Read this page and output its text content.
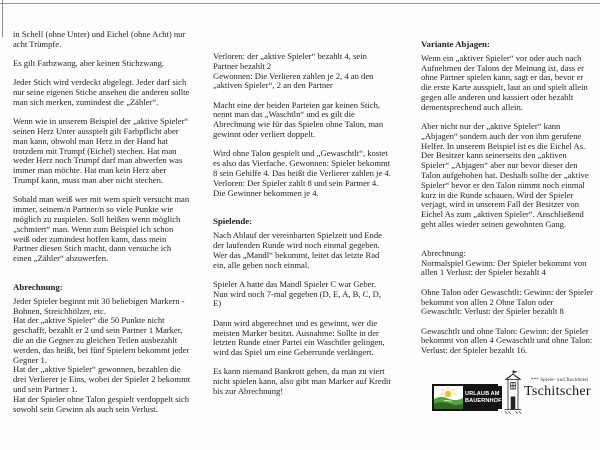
in Schell (ohne Unter) und Eichel (ohne Acht) nur acht Trümpfe.

Es gilt Farbzwang, aber keinen Stichzwang.

Jeder Stich wird verdeckt abgelegt. Jeder darf sich nur seine eigenen Stiche ansehen die anderen sollte man sich merken, zumindest die „Zähler“.

Wenn wie in unserem Beispiel der „aktive Spieler“ seinen Herz Unter ausspielt gilt Farbpflicht aber man kann, obwohl man Herz in der Hand hat trotzdem mit Trumpf (Eichel) stechen. Hat man weder Herz noch Trumpf darf man abwerfen was immer man möchte. Hat man kein Herz aber Trumpf kann, muss man aber nicht stechen.

Sobald man weiß wer mit wem spielt versucht man immer, seinem/n Partner/n so viele Punkte wie möglich zu zuspielen. Soll heißen wenn möglich „schmiert“ man. Wenn zum Beispiel ich schon weiß oder zumindest hoffen kann, dass mein Partner diesen Stich macht, dann versuche ich einen „Zähler“ abzuwerfen.

Abrechnung:

Jeder Spieler beginnt mit 30 beliebigen Markern - Bohnen, Streichhölzer, etc.

Hat der „aktive Spieler“ die 50 Punkte nicht geschafft, bezahlt er 2 und sein Partner 1 Marker, die an die Gegner zu gleichen Teilen ausbezahlt werden, das heißt, bei fünf Spielern bekommt jeder Gegner 1.

Hat der „aktive Spieler“ gewonnen, bezahlen die drei Verlierer je Eins, wobei der Spieler 2 bekommt und sein Partner 1.

Hat der Spieler ohne Talon gespielt verdoppelt sich sowohl sein Gewinn als auch sein Verlust.

Verloren: der „aktive Spieler“ bezahlt 4, sein Partner bezahlt 2

Gewonnen: Die Verlieren zahlen je 2, 4 an den „aktiven Spieler“, 2 an den Partner

Macht eine der beiden Parteien gar keinen Stich, nennt man das „Waschtln“ und es gilt die Abrechnung wie für das Spielen ohne Talon, man gewinnt oder verliert doppelt.

Wird ohne Talon gespielt und „Gewaschtlt“, kostet es also das Vierfache. Gewonnen: Spieler bekommt 8 sein Gehilfe 4. Das heißt die Verlierer zahlen je 4. Verloren: Der Spieler zahlt 8 und sein Partner 4. Die Gewinner bekommen je 4.

Spielende:

Nach Ablauf der vereinbarten Spielzeit und Ende der laufenden Runde wird noch einmal gegeben. Wer das „Mandl“ bekommt, leitet das letzte Rad ein, alle geben noch einmal.

Spieler A hatte das Mandl Spieler C war Geber. Nun wird noch 7-mal gegeben (D, E, A, B, C, D, E)

Dann wird abgerechnet und es gewinnt, wer die meisten Marker besitzt. Ausnahme: Sollte in der letzten Runde einer Partei ein Waschtler gelingen, wird das Spiel um eine Geberrunde verlängert.

Es kann niemand Bankrott gehen, da man zu viert nicht spielen kann, also gibt man Marker auf Kredit bis zur Abrechnung!

Variante Abjagen:

Wenn ein „aktiver Spieler“ vor oder auch nach Aufnehmen der Talons der Meinung ist, dass er ohne Partner spielen kann, sagt er das, bevor er die erste Karte ausspielt, laut an und spielt allein gegen alle anderen und kassiert oder bezahlt dementsprechend auch allein.

Aber nicht nur der „aktive Spieler“ kann „Abjagen“ sondern auch der von ihm gerufene Helfer. In unserem Beispiel ist es die Eichel As. Der Besitzer kann seinerseits den „aktiven Spieler“ „Abjagen“ aber nur bevor dieser den Talon aufgehoben hat. Deshalb sollte der „aktive Spieler“ bevor er den Talon nimmt noch einmal kurz in die Runde schauen. Wird der Spieler verjagt, wird in unserem Fall der Besitzer von Eichel As zum „aktiven Spieler“. Anschließend geht alles wieder seinen gewohnten Gang.

Abrechnung:

Normalspiel Gewinn: Der Spieler bekommt von allen 1 Verlust: der Spieler bezahlt 4

Ohne Talon oder Gewaschtlt: Gewinn: der Spieler bekommt von allen 2 Ohne Talon oder Gewaschtlt: Verlust: der Spieler bezahlt 8

Gewaschtlt und ohne Talon: Gewinn: der Spieler bekommt von allen 4 Gewaschtlt und ohne Talon: Verlust: der Spieler bezahlt 16.

URLAUB AM
BAUERNHOF
*** Spiele- und Buchhotel
Tschitscher
